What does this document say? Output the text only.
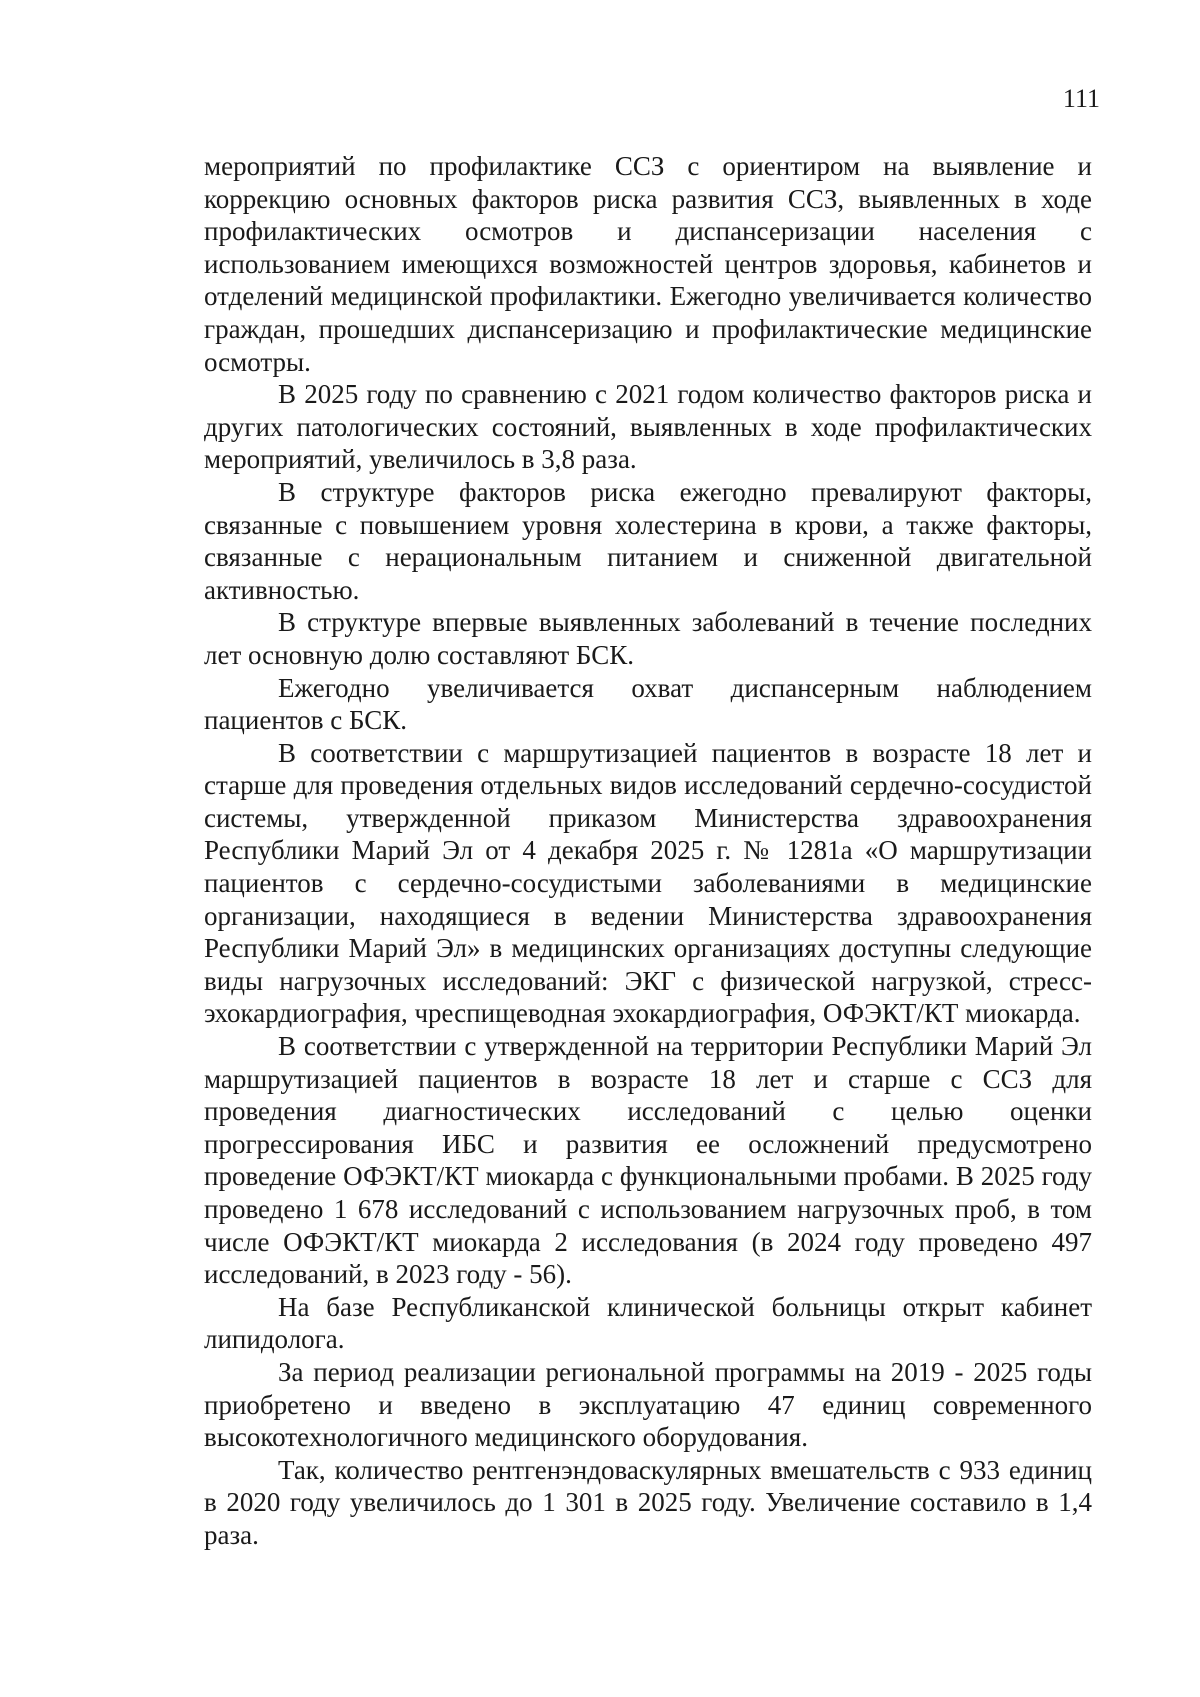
111

мероприятий по профилактике ССЗ с ориентиром на выявление и коррекцию основных факторов риска развития ССЗ, выявленных в ходе профилактических осмотров и диспансеризации населения с использованием имеющихся возможностей центров здоровья, кабинетов и отделений медицинской профилактики. Ежегодно увеличивается количество граждан, прошедших диспансеризацию и профилактические медицинские осмотры.

В 2025 году по сравнению с 2021 годом количество факторов риска и других патологических состояний, выявленных в ходе профилактических мероприятий, увеличилось в 3,8 раза.

В структуре факторов риска ежегодно превалируют факторы, связанные с повышением уровня холестерина в крови, а также факторы, связанные с нерациональным питанием и сниженной двигательной активностью.

В структуре впервые выявленных заболеваний в течение последних лет основную долю составляют БСК.

Ежегодно увеличивается охват диспансерным наблюдением пациентов с БСК.

В соответствии с маршрутизацией пациентов в возрасте 18 лет и старше для проведения отдельных видов исследований сердечно-сосудистой системы, утвержденной приказом Министерства здравоохранения Республики Марий Эл от 4 декабря 2025 г. № 1281а «О маршрутизации пациентов с сердечно-сосудистыми заболеваниями в медицинские организации, находящиеся в ведении Министерства здравоохранения Республики Марий Эл» в медицинских организациях доступны следующие виды нагрузочных исследований: ЭКГ с физической нагрузкой, стресс-эхокардиография, чреспищеводная эхокардиография, ОФЭКТ/КТ миокарда.

В соответствии с утвержденной на территории Республики Марий Эл маршрутизацией пациентов в возрасте 18 лет и старше с ССЗ для проведения диагностических исследований с целью оценки прогрессирования ИБС и развития ее осложнений предусмотрено проведение ОФЭКТ/КТ миокарда с функциональными пробами. В 2025 году проведено 1 678 исследований с использованием нагрузочных проб, в том числе ОФЭКТ/КТ миокарда 2 исследования (в 2024 году проведено 497 исследований, в 2023 году - 56).

На базе Республиканской клинической больницы открыт кабинет липидолога.

За период реализации региональной программы на 2019 - 2025 годы приобретено и введено в эксплуатацию 47 единиц современного высокотехнологичного медицинского оборудования.

Так, количество рентгенэндоваскулярных вмешательств с 933 единиц в 2020 году увеличилось до 1 301 в 2025 году. Увеличение составило в 1,4 раза.
